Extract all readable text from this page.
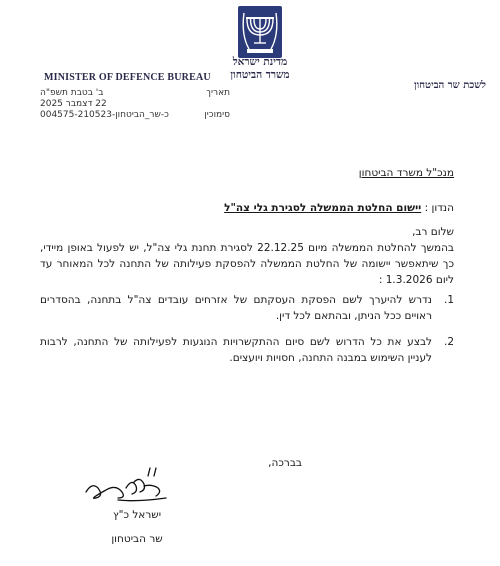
מדינת ישראל
משרד הביטחון
לשכת שר הביטחון
MINISTER OF DEFENCE BUREAU
תאריך
ב' בטבת תשפ"ה
22 דצמבר 2025
סימוכין
כ-שר_הביטחון-004575-210523
מנכ"ל משרד הביטחון
הנדון : יישום החלטת הממשלה לסגירת גלי צה"ל
שלום רב,
בהמשך להחלטת הממשלה מיום 22.12.25 לסגירת תחנת גלי צה"ל, יש לפעול באופן מיידי, כך שיתאפשר יישומה של החלטת הממשלה להפסקת פעילותה של התחנה לכל המאוחר עד ליום 1.3.2026 :
1.
נדרש להיערך לשם הפסקת העסקתם של אזרחים עובדים צה"ל בתחנה, בהסדרים ראויים ככל הניתן, ובהתאם לכל דין.
2.
לבצע את כל הדרוש לשם סיום ההתקשרויות הנוגעות לפעילותה של התחנה, לרבות לעניין השימוש במבנה התחנה, חסויות ויועצים.
בברכה,
ישראל כ"ץ
שר הביטחון
